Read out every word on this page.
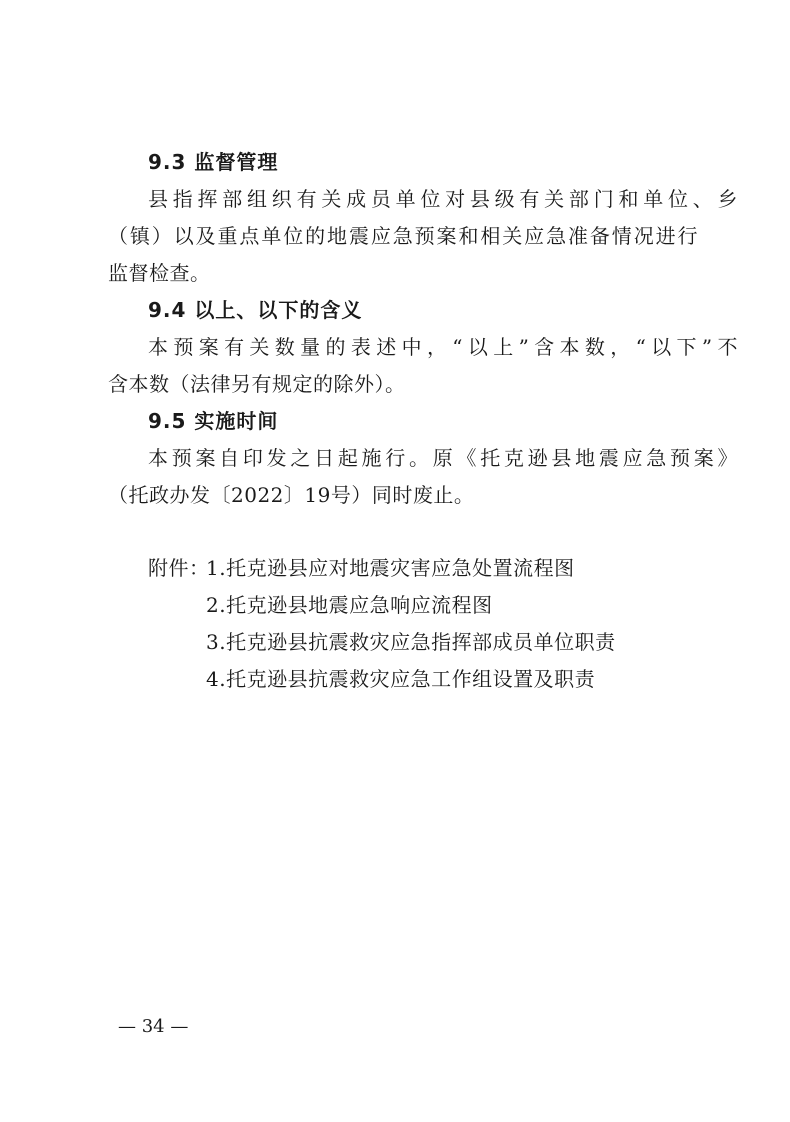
9.3 监督管理
县指挥部组织有关成员单位对县级有关部门和单位、乡
（镇）以及重点单位的地震应急预案和相关应急准备情况进行
监督检查。
9.4 以上、以下的含义
本预案有关数量的表述中，“以上”含本数，“以下”不
含本数（法律另有规定的除外）。
9.5 实施时间
本预案自印发之日起施行。原《托克逊县地震应急预案》
（托政办发〔2022〕19号）同时废止。
附件：
1.托克逊县应对地震灾害应急处置流程图
2.托克逊县地震应急响应流程图
3.托克逊县抗震救灾应急指挥部成员单位职责
4.托克逊县抗震救灾应急工作组设置及职责
— 34 —
